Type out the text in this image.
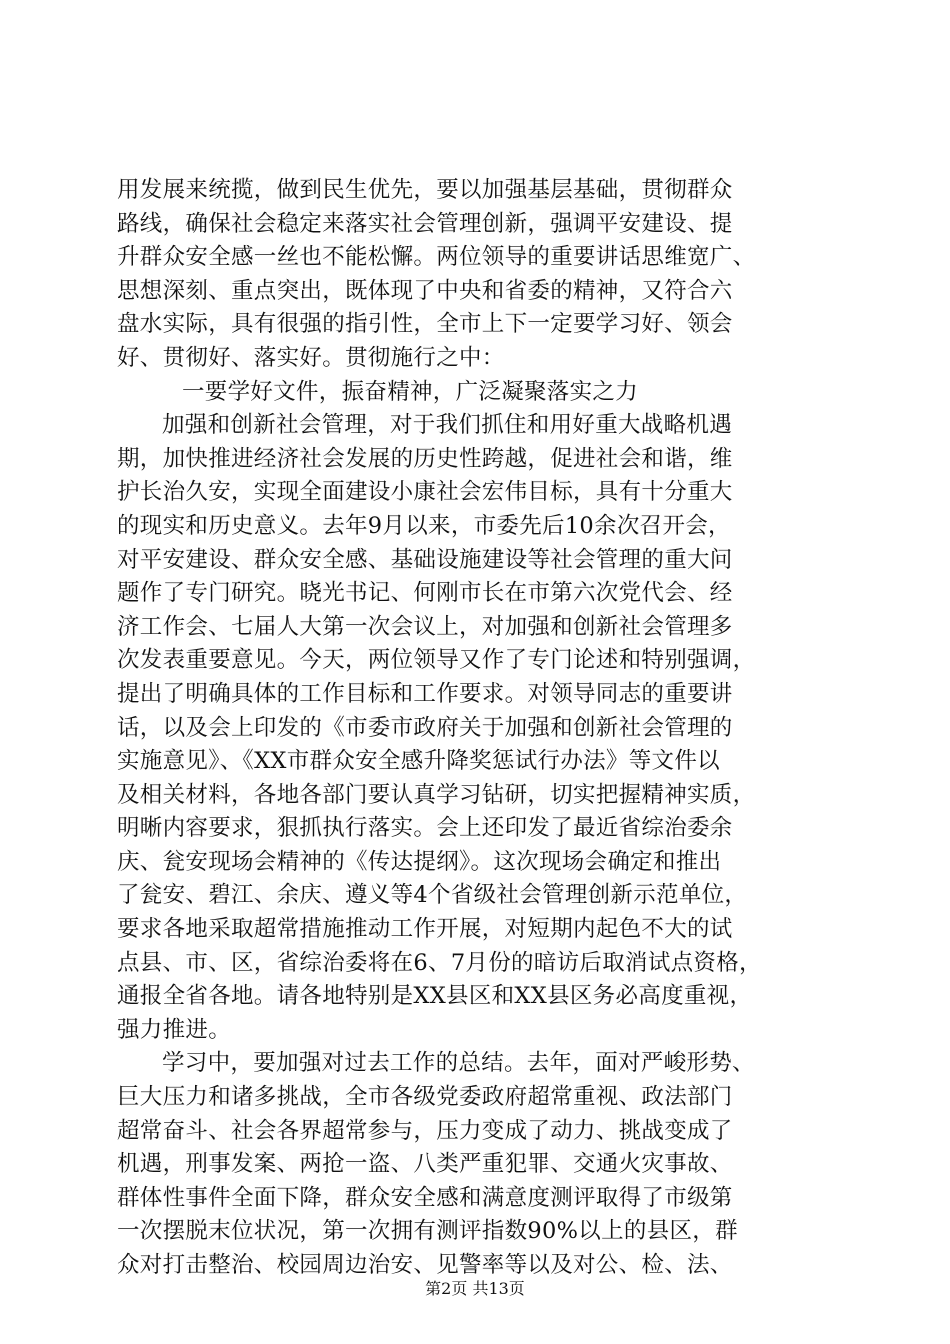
用发展来统揽，做到民生优先，要以加强基层基础，贯彻群众
路线，确保社会稳定来落实社会管理创新，强调平安建设、提
升群众安全感一丝也不能松懈。两位领导的重要讲话思维宽广、
思想深刻、重点突出，既体现了中央和省委的精神，又符合六
盘水实际，具有很强的指引性，全市上下一定要学习好、领会
好、贯彻好、落实好。贯彻施行之中：
一要学好文件，振奋精神，广泛凝聚落实之力
加强和创新社会管理，对于我们抓住和用好重大战略机遇
期，加快推进经济社会发展的历史性跨越，促进社会和谐，维
护长治久安，实现全面建设小康社会宏伟目标，具有十分重大
的现实和历史意义。去年9月以来，市委先后10余次召开会，
对平安建设、群众安全感、基础设施建设等社会管理的重大问
题作了专门研究。晓光书记、何刚市长在市第六次党代会、经
济工作会、七届人大第一次会议上，对加强和创新社会管理多
次发表重要意见。今天，两位领导又作了专门论述和特别强调，
提出了明确具体的工作目标和工作要求。对领导同志的重要讲
话，以及会上印发的《市委市政府关于加强和创新社会管理的
实施意见》、《XX市群众安全感升降奖惩试行办法》等文件以
及相关材料，各地各部门要认真学习钻研，切实把握精神实质，
明晰内容要求，狠抓执行落实。会上还印发了最近省综治委余
庆、瓮安现场会精神的《传达提纲》。这次现场会确定和推出
了瓮安、碧江、余庆、遵义等4个省级社会管理创新示范单位，
要求各地采取超常措施推动工作开展，对短期内起色不大的试
点县、市、区，省综治委将在6、7月份的暗访后取消试点资格，
通报全省各地。请各地特别是XX县区和XX县区务必高度重视，
强力推进。
学习中，要加强对过去工作的总结。去年，面对严峻形势、
巨大压力和诸多挑战，全市各级党委政府超常重视、政法部门
超常奋斗、社会各界超常参与，压力变成了动力、挑战变成了
机遇，刑事发案、两抢一盗、八类严重犯罪、交通火灾事故、
群体性事件全面下降，群众安全感和满意度测评取得了市级第
一次摆脱末位状况，第一次拥有测评指数90%以上的县区，群
众对打击整治、校园周边治安、见警率等以及对公、检、法、
第2页 共13页
